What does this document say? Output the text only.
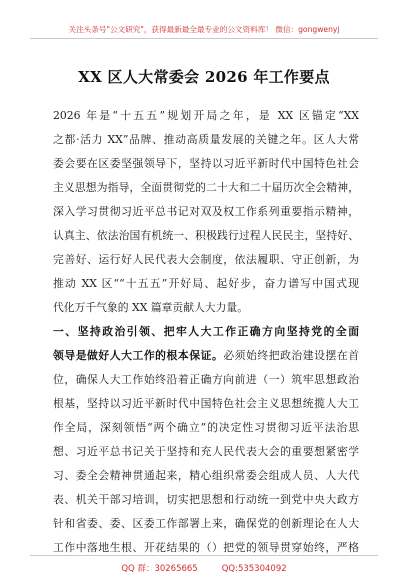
关注头条号"公文研究"，获得最新最全最专业的公文资料库！ 微信：gongwenyj
XX 区人大常委会 2026 年工作要点
2026 年是“十五五”规划开局之年，是 XX 区锚定“XX
之都·活力 XX”品牌、推动高质量发展的关键之年。区人大常
委会要在区委坚强领导下，坚持以习近平新时代中国特色社会
主义思想为指导，全面贯彻党的二十大和二十届历次全会精神，
深入学习贯彻习近平总书记对双及权工作系列重要指示精神，
认真主、依法治国有机统一、积极践行过程人民民主，坚持好、
完善好、运行好人民代表大会制度，依法履职、守正创新，为
推动 XX 区““十五五”开好局、起好步，奋力谱写中国式现
代化万千气象的 XX 篇章贡献人大力量。
一、坚持政治引领、把牢人大工作正确方向坚持党的全面
领导是做好人大工作的根本保证。必须始终把政治建设摆在首
位，确保人大工作始终沿着正确方向前进（一）筑牢思想政治
根基，坚持以习近平新时代中国特色社会主义思想统揽人大工
作全局，深刻领悟“两个确立”的决定性习贯彻习近平法治思
想、习近平总书记关于坚持和充人民代表大会的重要想紧密学
习、委全会精神贯通起来，精心组织常委会组成人员、人大代
表、机关干部习培训，切实把思想和行动统一到党中央大政方
针和省委、委、区委工作部署上来，确保党的创新理论在人大
工作中落地生根、开花结果的（）把党的领导贯穿始终，严格
QQ 群：30265665	QQ:535304092
